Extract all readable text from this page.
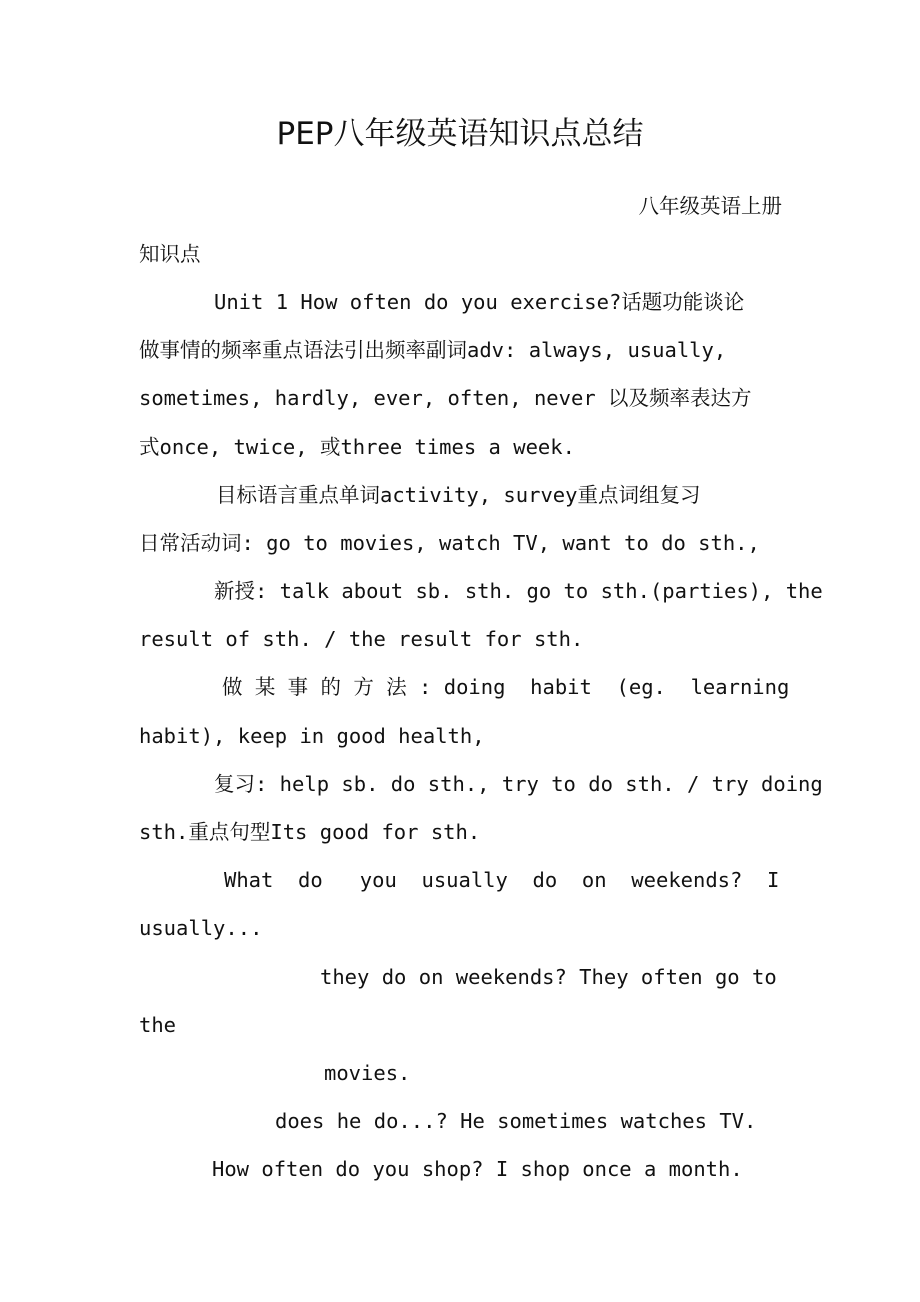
PEP八年级英语知识点总结
八年级英语上册
知识点
Unit 1 How often do you exercise?话题功能谈论
做事情的频率重点语法引出频率副词adv: always, usually,
sometimes, hardly, ever, often, never 以及频率表达方
式once, twice, 或three times a week.
目标语言重点单词activity, survey重点词组复习
日常活动词: go to movies, watch TV, want to do sth.,
新授: talk about sb. sth. go to sth.(parties), the
result of sth. / the result for sth.
做 某 事 的 方 法 : doing  habit  (eg.  learning
habit), keep in good health,
复习: help sb. do sth., try to do sth. / try doing
sth.重点句型Its good for sth.
What  do   you  usually  do  on  weekends?  I
usually...
they do on weekends? They often go to
the
movies.
does he do...? He sometimes watches TV.
How often do you shop? I shop once a month.
